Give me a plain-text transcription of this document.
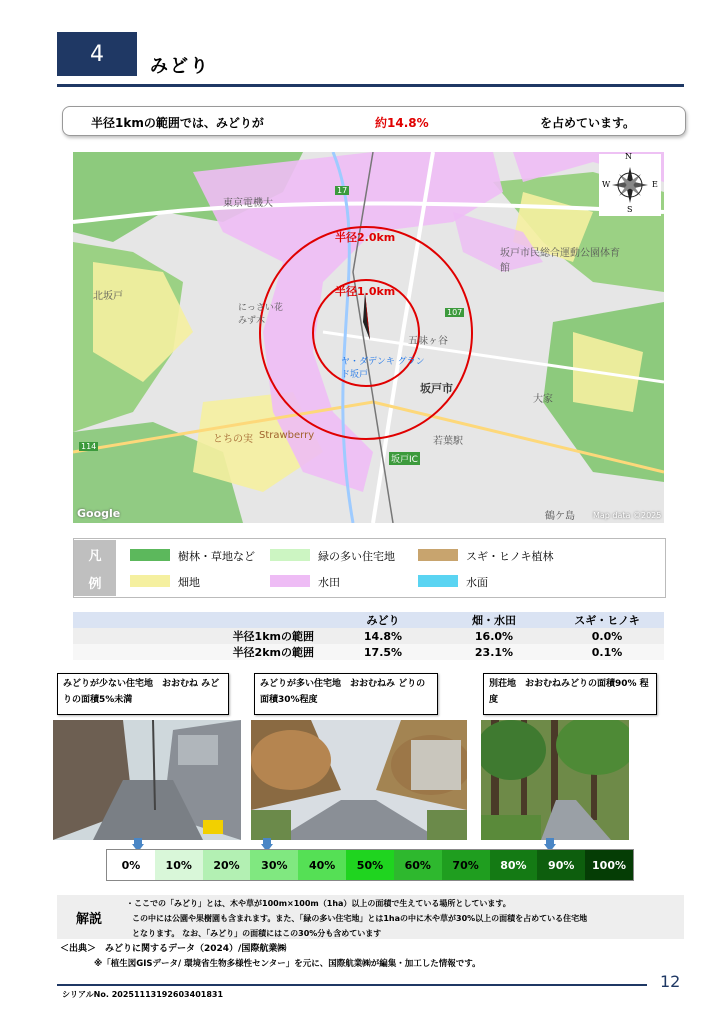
4	みどり
半径1kmの範囲では、みどりが	約14.8%	を占めています。
半径2.0km
半径1.0km
東京電機大
坂戸市民総合運動公園体育館
坂戸市
若葉駅
坂戸IC
鶴ケ島
大家
にっさい花みず木
北坂戸
とちの実 Strawberry
五味ヶ谷
ヤ・ダデンキ グランド坂戸
17
107
114
Google	Map data ©2025
N
S
E
W
凡
例
樹林・草地など	緑の多い住宅地	スギ・ヒノキ植林
畑地	水田	水面
	みどり	畑・水田	スギ・ヒノキ
半径1kmの範囲	14.8%	16.0%	0.0%
半径2kmの範囲	17.5%	23.1%	0.1%
みどりが少ない住宅地　おおむね みどりの面積5%未満
みどりが多い住宅地　おおむねみ どりの面積30%程度
別荘地　おおむねみどりの面積90% 程度
0%	10%	20%	30%	40%	50%	60%	70%	80%	90%	100%
解説
・ここでの「みどり」とは、木や草が100m×100m（1ha）以上の面積で生えている場所としています。
この中には公園や果樹園も含まれます。また、「緑の多い住宅地」とは1haの中に木や草が30%以上の面積を占めている住宅地
となります。 なお、「みどり」の面積にはこの30%分も含めています
＜出典＞　みどりに関するデータ（2024）/国際航業㈱
※「植生図GISデータ/ 環境省生物多様性センター」を元に、国際航業㈱が編集・加工した情報です。
12
シリアルNo. 20251113192603401831
